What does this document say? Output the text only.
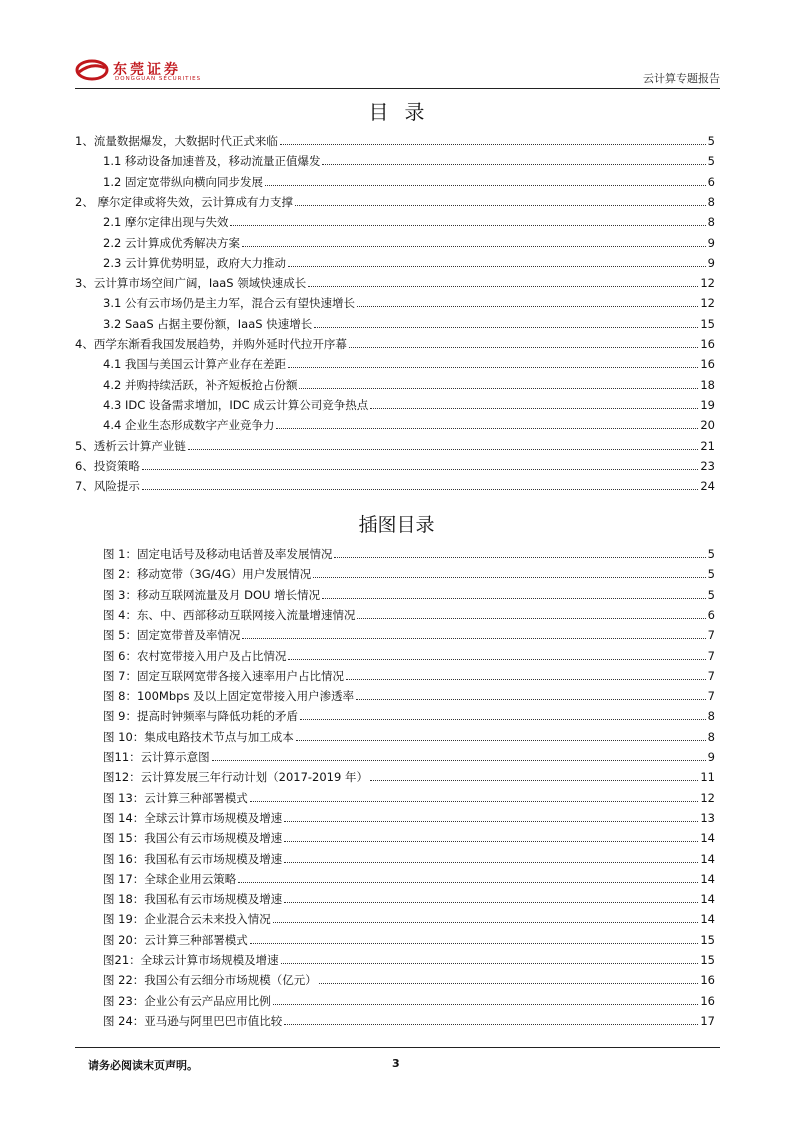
东莞证券
DONGGUAN SECURITIES	云计算专题报告
目录
1、流量数据爆发，大数据时代正式来临	5
1.1 移动设备加速普及，移动流量正值爆发	5
1.2 固定宽带纵向横向同步发展	6
2、 摩尔定律或将失效，云计算成有力支撑	8
2.1 摩尔定律出现与失效	8
2.2 云计算成优秀解决方案	9
2.3 云计算优势明显，政府大力推动	9
3、云计算市场空间广阔，IaaS 领域快速成长	12
3.1 公有云市场仍是主力军，混合云有望快速增长	12
3.2 SaaS 占据主要份额，IaaS 快速增长	15
4、西学东渐看我国发展趋势，并购外延时代拉开序幕	16
4.1 我国与美国云计算产业存在差距	16
4.2 并购持续活跃，补齐短板抢占份额	18
4.3 IDC 设备需求增加，IDC 成云计算公司竞争热点	19
4.4 企业生态形成数字产业竞争力	20
5、透析云计算产业链	21
6、投资策略	23
7、风险提示	24
插图目录
图 1：固定电话号及移动电话普及率发展情况	5
图 2：移动宽带（3G/4G）用户发展情况	5
图 3：移动互联网流量及月 DOU 增长情况	5
图 4：东、中、西部移动互联网接入流量增速情况	6
图 5：固定宽带普及率情况	7
图 6：农村宽带接入用户及占比情况	7
图 7：固定互联网宽带各接入速率用户占比情况	7
图 8：100Mbps 及以上固定宽带接入用户渗透率	7
图 9：提高时钟频率与降低功耗的矛盾	8
图 10：集成电路技术节点与加工成本	8
图11：云计算示意图	9
图12：云计算发展三年行动计划（2017-2019 年）	11
图 13：云计算三种部署模式	12
图 14：全球云计算市场规模及增速	13
图 15：我国公有云市场规模及增速	14
图 16：我国私有云市场规模及增速	14
图 17：全球企业用云策略	14
图 18：我国私有云市场规模及增速	14
图 19：企业混合云未来投入情况	14
图 20：云计算三种部署模式	15
图21：全球云计算市场规模及增速	15
图 22：我国公有云细分市场规模（亿元）	16
图 23：企业公有云产品应用比例	16
图 24：亚马逊与阿里巴巴市值比较	17
请务必阅读末页声明。	3
